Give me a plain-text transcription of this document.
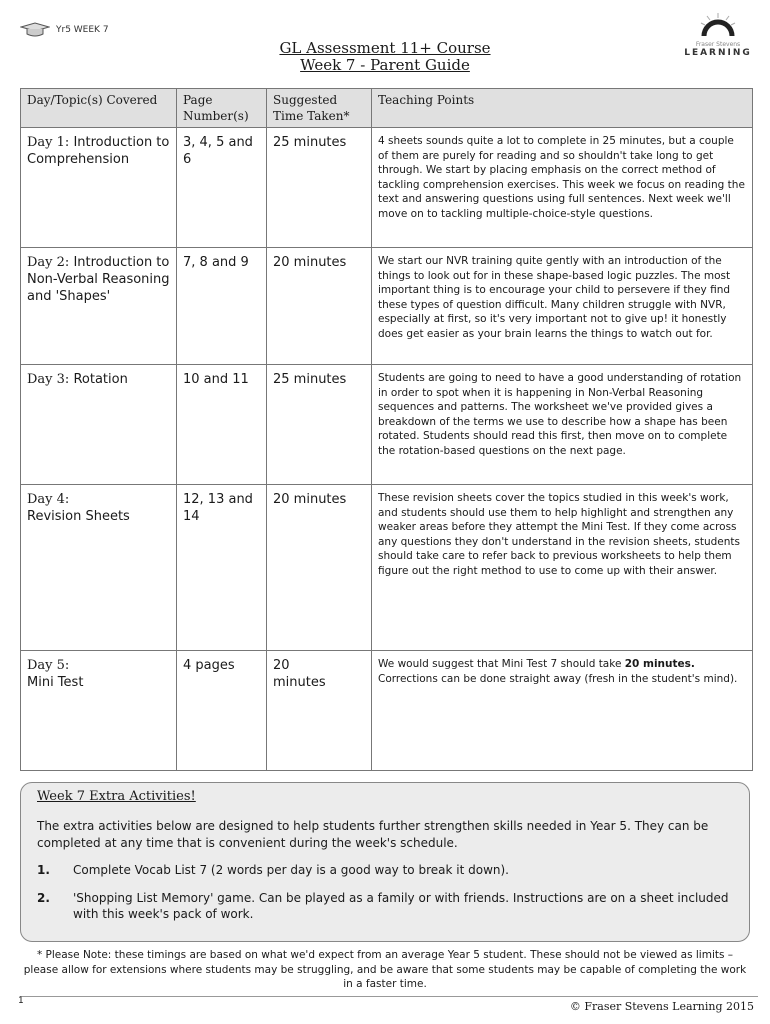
Yr5 WEEK 7
GL Assessment 11+ Course
Week 7 - Parent Guide
Fraser Stevens
LEARNING
Day/Topic(s) Covered	Page Number(s)	Suggested Time Taken*	Teaching Points
Day 1: Introduction to Comprehension	3, 4, 5 and 6	25 minutes	4 sheets sounds quite a lot to complete in 25 minutes, but a couple of them are purely for reading and so shouldn't take long to get through. We start by placing emphasis on the correct method of tackling comprehension exercises. This week we focus on reading the text and answering questions using full sentences. Next week we'll move on to tackling multiple-choice-style questions.
Day 2: Introduction to Non-Verbal Reasoning and 'Shapes'	7, 8 and 9	20 minutes	We start our NVR training quite gently with an introduction of the things to look out for in these shape-based logic puzzles. The most important thing is to encourage your child to persevere if they find these types of question difficult. Many children struggle with NVR, especially at first, so it's very important not to give up! it honestly does get easier as your brain learns the things to watch out for.
Day 3: Rotation	10 and 11	25 minutes	Students are going to need to have a good understanding of rotation in order to spot when it is happening in Non-Verbal Reasoning sequences and patterns. The worksheet we've provided gives a breakdown of the terms we use to describe how a shape has been rotated. Students should read this first, then move on to complete the rotation-based questions on the next page.

Day 4:
Revision Sheets	12, 13 and 14	20 minutes	These revision sheets cover the topics studied in this week's work, and students should use them to help highlight and strengthen any weaker areas before they attempt the Mini Test. If they come across any questions they don't understand in the revision sheets, students should take care to refer back to previous worksheets to help them figure out the right method to use to come up with their answer.

Day 5:
Mini Test	4 pages	20 minutes	We would suggest that Mini Test 7 should take 20 minutes. Corrections can be done straight away (fresh in the student's mind).
Week 7 Extra Activities!
The extra activities below are designed to help students further strengthen skills needed in Year 5. They can be completed at any time that is convenient during the week's schedule.
1.	Complete Vocab List 7 (2 words per day is a good way to break it down).
2.	'Shopping List Memory' game. Can be played as a family or with friends. Instructions are on a sheet included with this week's pack of work.
* Please Note: these timings are based on what we'd expect from an average Year 5 student. These should not be viewed as limits – please allow for extensions where students may be struggling, and be aware that some students may be capable of completing the work in a faster time.
1	© Fraser Stevens Learning 2015
